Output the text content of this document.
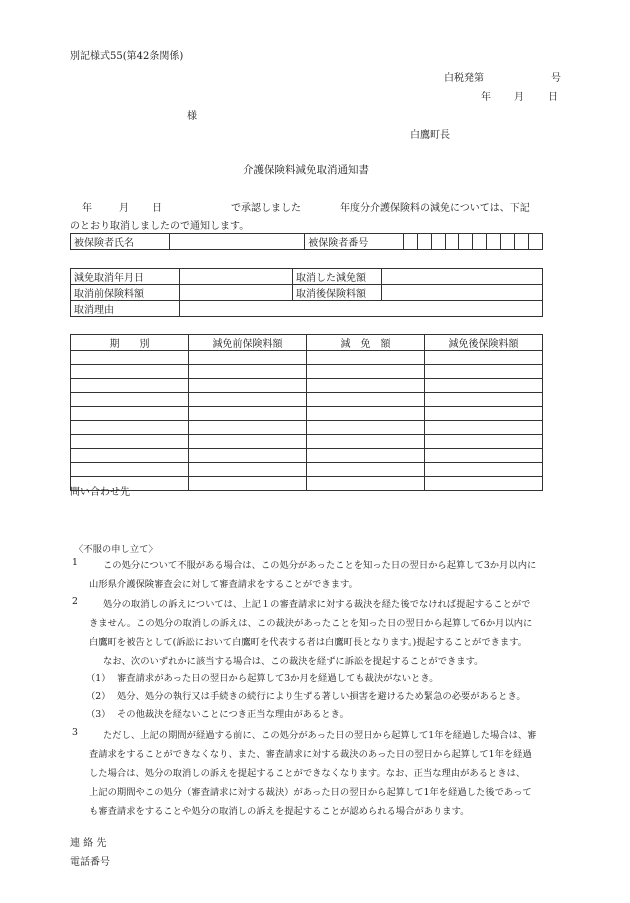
別記様式55(第42条関係)
白税発第	号
年 月 日
様
白鷹町長
介護保険料減免取消通知書
年	月 日	で承認しました	年度分介護保険料の減免については、下記
のとおり取消しましたので通知します。
被保険者氏名		被保険者番号										
減免取消年月日		取消した減免額	
取消前保険料額		取消後保険料額	
取消理由			
期　　別	減免前保険料額	減　免　額	減免後保険料額

問い合わせ先
〈不服の申し立て〉
1	この処分について不服がある場合は、この処分があったことを知った日の翌日から起算して3か月以内に
山形県介護保険審査会に対して審査請求をすることができます。
2	処分の取消しの訴えについては、上記１の審査請求に対する裁決を経た後でなければ提起することがで
きません。この処分の取消しの訴えは、この裁決があったことを知った日の翌日から起算して6か月以内に
白鷹町を被告として(訴訟において白鷹町を代表する者は白鷹町長となります。)提起することができます。
なお、次のいずれかに該当する場合は、この裁決を経ずに訴訟を提起することができます。
（1） 審査請求があった日の翌日から起算して3か月を経過しても裁決がないとき。
（2） 処分、処分の執行又は手続きの続行により生ずる著しい損害を避けるため緊急の必要があるとき。
（3） その他裁決を経ないことにつき正当な理由があるとき。
3	ただし、上記の期間が経過する前に、この処分があった日の翌日から起算して1年を経過した場合は、審
査請求をすることができなくなり、また、審査請求に対する裁決のあった日の翌日から起算して1年を経過
した場合は、処分の取消しの訴えを提起することができなくなります。なお、正当な理由があるときは、
上記の期間やこの処分（審査請求に対する裁決）があった日の翌日から起算して1年を経過した後であって
も審査請求をすることや処分の取消しの訴えを提起することが認められる場合があります。
連 絡 先
電話番号
